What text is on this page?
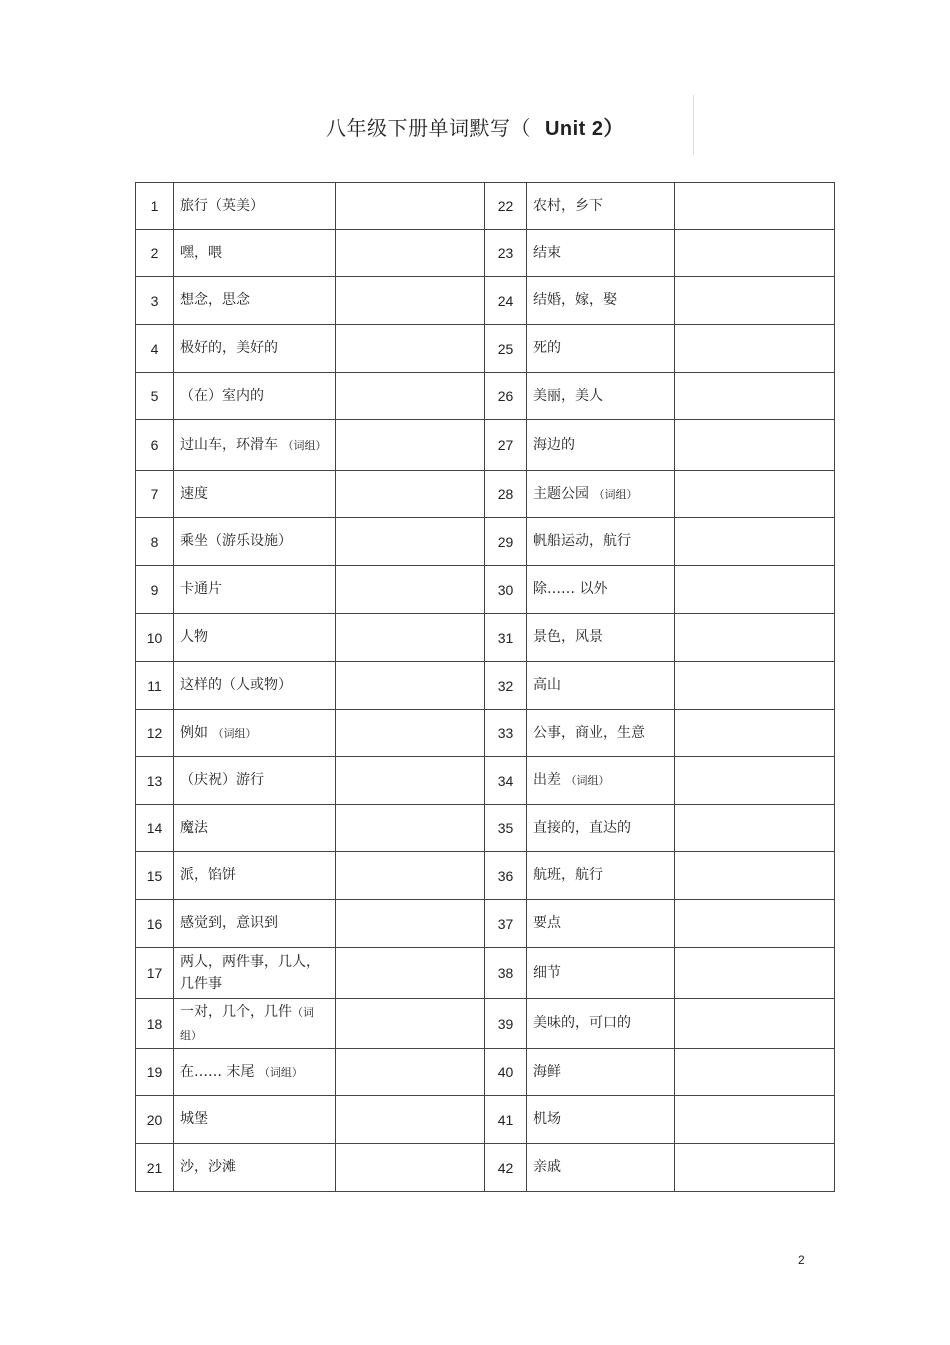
八年级下册单词默写（ Unit 2）
1	旅行（英美）		22	农村，乡下	
2	嘿，喂		23	结束	
3	想念，思念		24	结婚，嫁，娶	
4	极好的，美好的		25	死的	
5	（在）室内的		26	美丽，美人	
6	过山车，环滑车 （词组）		27	海边的	
7	速度		28	主题公园 （词组）	
8	乘坐（游乐设施）		29	帆船运动，航行	
9	卡通片		30	除…… 以外	
10	人物		31	景色，风景	
11	这样的（人或物）		32	高山	
12	例如 （词组）		33	公事，商业，生意	
13	（庆祝）游行		34	出差 （词组）	
14	魔法		35	直接的，直达的	
15	派，馅饼		36	航班，航行	
16	感觉到，意识到		37	要点	
17	两人，两件事，几人，几件事		38	细节	
18	一对，几个，几件（词组）		39	美味的，可口的	
19	在…… 末尾 （词组）		40	海鲜	
20	城堡		41	机场	
21	沙，沙滩		42	亲戚	
2
